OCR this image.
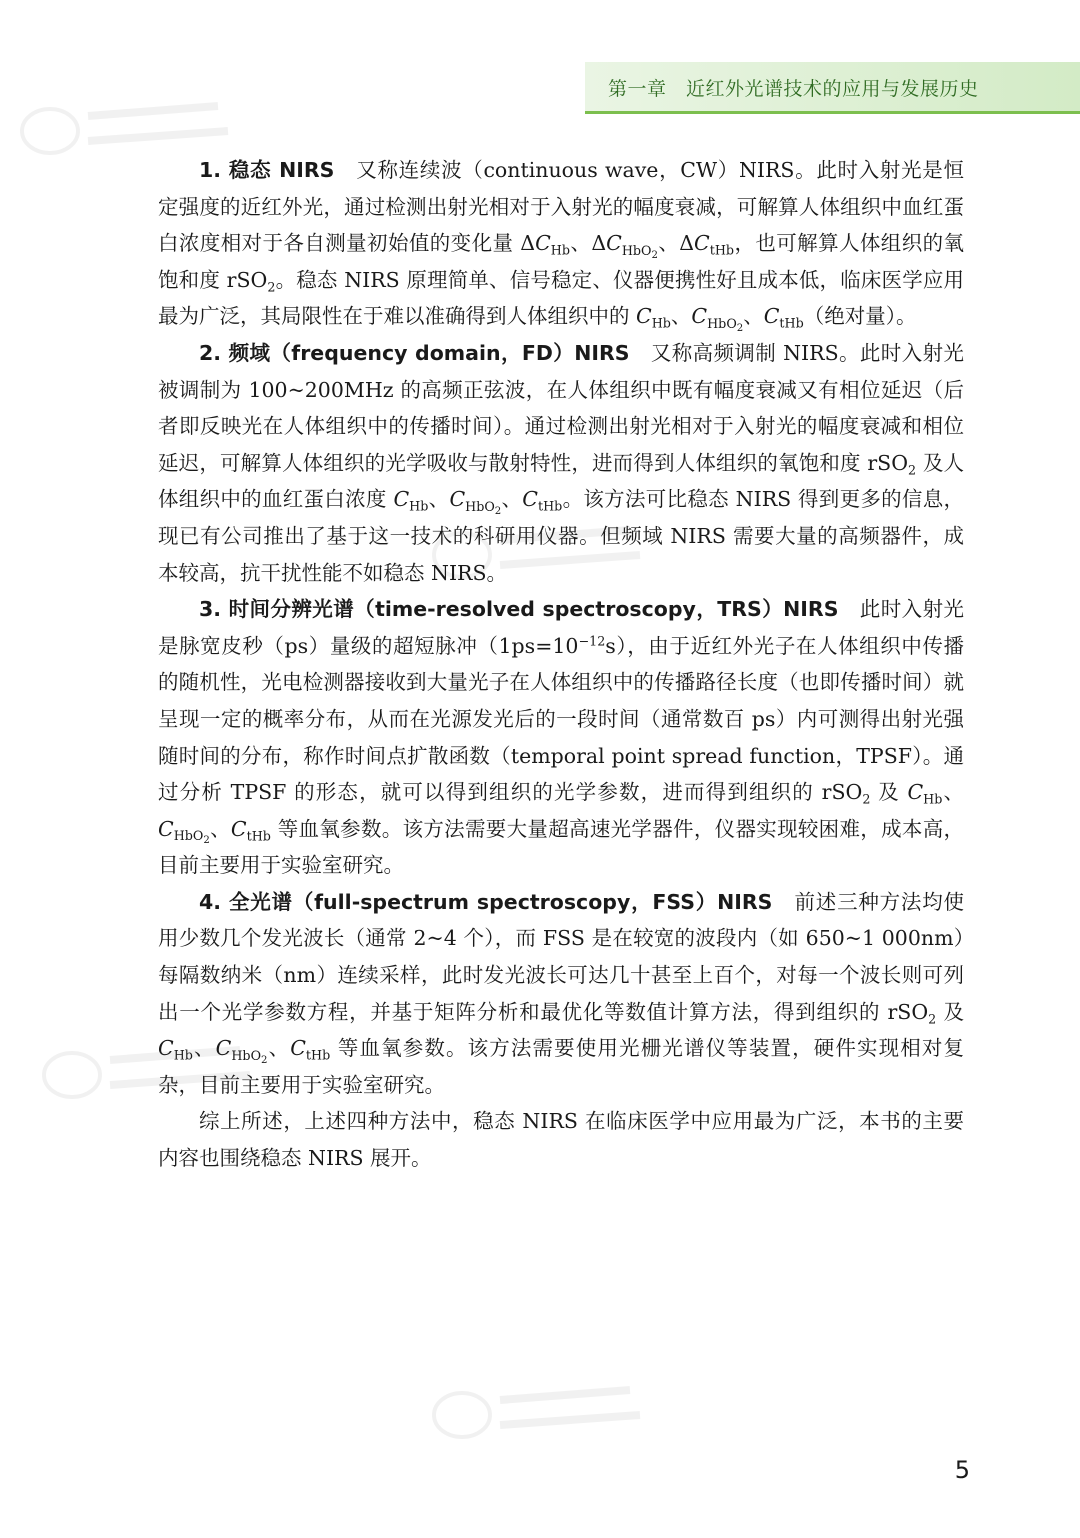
第一章　近红外光谱技术的应用与发展历史

1. 稳态 NIRS　又称连续波（continuous wave，CW）NIRS。此时入射光是恒定强度的近红外光，通过检测出射光相对于入射光的幅度衰减，可解算人体组织中血红蛋白浓度相对于各自测量初始值的变化量 $\Delta C_{Hb}$、$\Delta C_{HbO_2}$、$\Delta C_{tHb}$，也可解算人体组织的氧饱和度 rSO$_2$。稳态 NIRS 原理简单、信号稳定、仪器便携性好且成本低，临床医学应用最为广泛，其局限性在于难以准确得到人体组织中的 $C_{Hb}$、$C_{HbO_2}$、$C_{tHb}$（绝对量）。

2. 频域（frequency domain，FD）NIRS　又称高频调制 NIRS。此时入射光被调制为 100~200MHz 的高频正弦波，在人体组织中既有幅度衰减又有相位延迟（后者即反映光在人体组织中的传播时间）。通过检测出射光相对于入射光的幅度衰减和相位延迟，可解算人体组织的光学吸收与散射特性，进而得到人体组织的氧饱和度 rSO$_2$ 及人体组织中的血红蛋白浓度 $C_{Hb}$、$C_{HbO_2}$、$C_{tHb}$。该方法可比稳态 NIRS 得到更多的信息，现已有公司推出了基于这一技术的科研用仪器。但频域 NIRS 需要大量的高频器件，成本较高，抗干扰性能不如稳态 NIRS。

3. 时间分辨光谱（time-resolved spectroscopy，TRS）NIRS　此时入射光是脉宽皮秒（ps）量级的超短脉冲$(1ps=10^{-12}s)$，由于近红外光子在人体组织中传播的随机性，光电检测器接收到大量光子在人体组织中的传播路径长度（也即传播时间）就呈现一定的概率分布，从而在光源发光后的一段时间（通常数百 ps）内可测得出射光强随时间的分布，称作时间点扩散函数（temporal point spread function，TPSF）。通过分析 TPSF 的形态，就可以得到组织的光学参数，进而得到组织的 rSO$_2$ 及 $C_{Hb}$、$C_{HbO_2}$、$C_{tHb}$ 等血氧参数。该方法需要大量超高速光学器件，仪器实现较困难，成本高，目前主要用于实验室研究。

4. 全光谱（full-spectrum spectroscopy，FSS）NIRS　前述三种方法均使用少数几个发光波长（通常 2~4 个），而 FSS 是在较宽的波段内（如 650~1 000nm）每隔数纳米（nm）连续采样，此时发光波长可达几十甚至上百个，对每一个波长则可列出一个光学参数方程，并基于矩阵分析和最优化等数值计算方法，得到组织的 rSO$_2$ 及 $C_{Hb}$、$C_{HbO_2}$、$C_{tHb}$ 等血氧参数。该方法需要使用光栅光谱仪等装置，硬件实现相对复杂，目前主要用于实验室研究。

综上所述，上述四种方法中，稳态 NIRS 在临床医学中应用最为广泛，本书的主要内容也围绕稳态 NIRS 展开。

5
